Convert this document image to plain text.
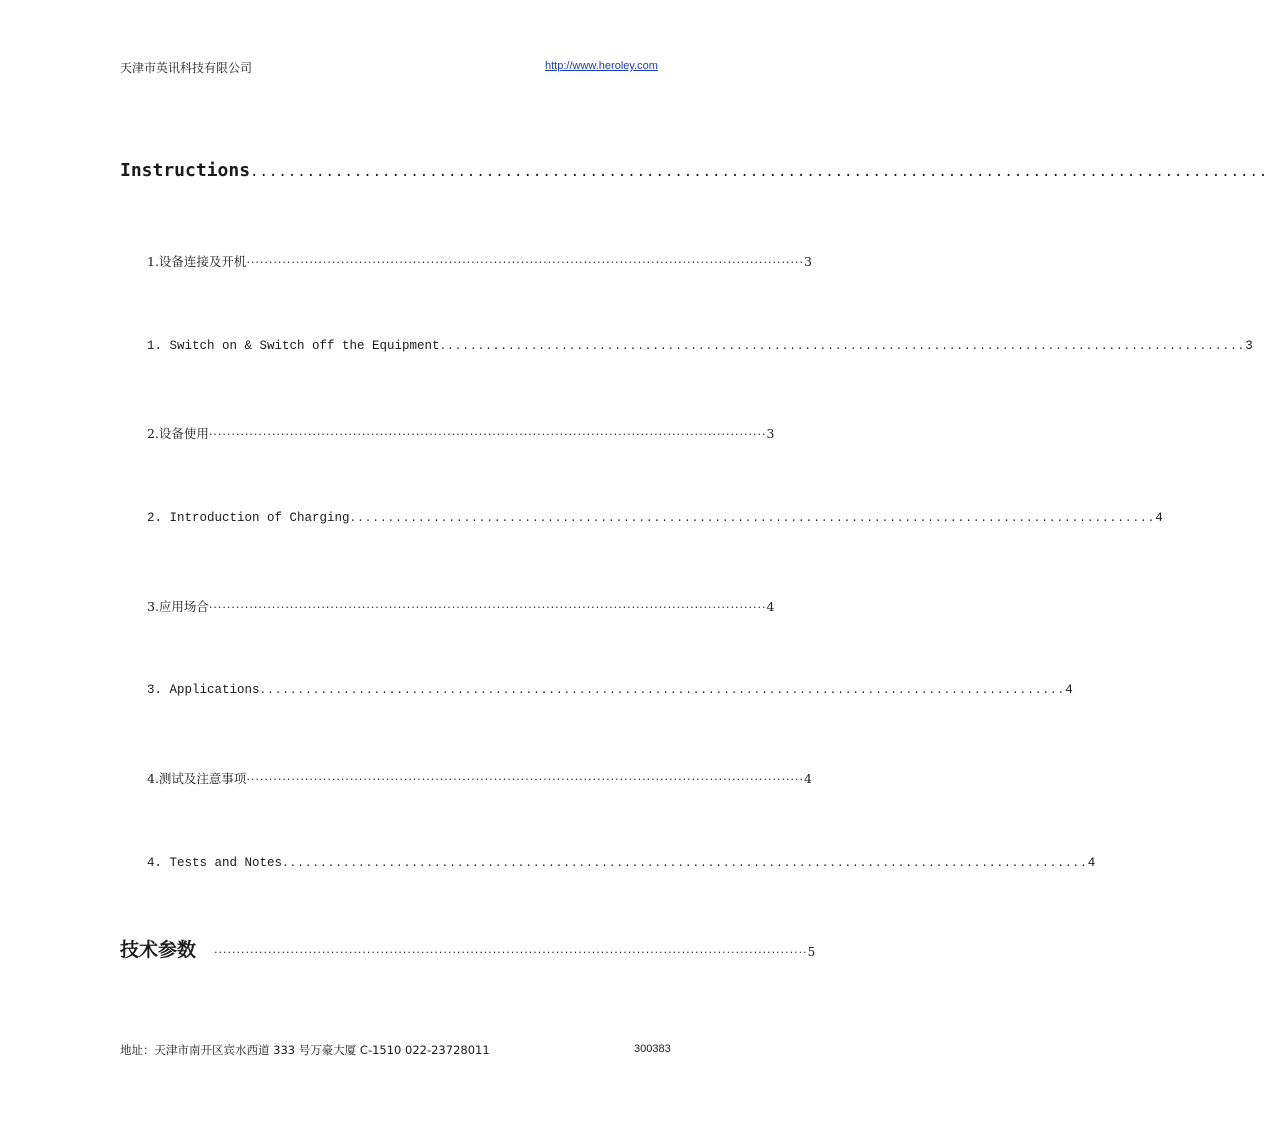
天津市英讯科技有限公司	http://www.heroley.com
Instructions ............................................................................................................
1.设备连接及开机 ···························································································································· 3
1. Switch on & Switch off the Equipment .......................................................................................................... 3
2.设备使用 ···························································································································· 3
2. Introduction of Charging .......................................................................................................... 4
3.应用场合 ···························································································································· 4
3. Applications .......................................................................................................... 4
4.测试及注意事项 ···························································································································· 4
4. Tests and Notes .......................................................................................................... 4
技术参数 ···································································································································· 5
地址：天津市南开区宾水西道 333 号万豪大厦 C-1510 022-23728011	300383
